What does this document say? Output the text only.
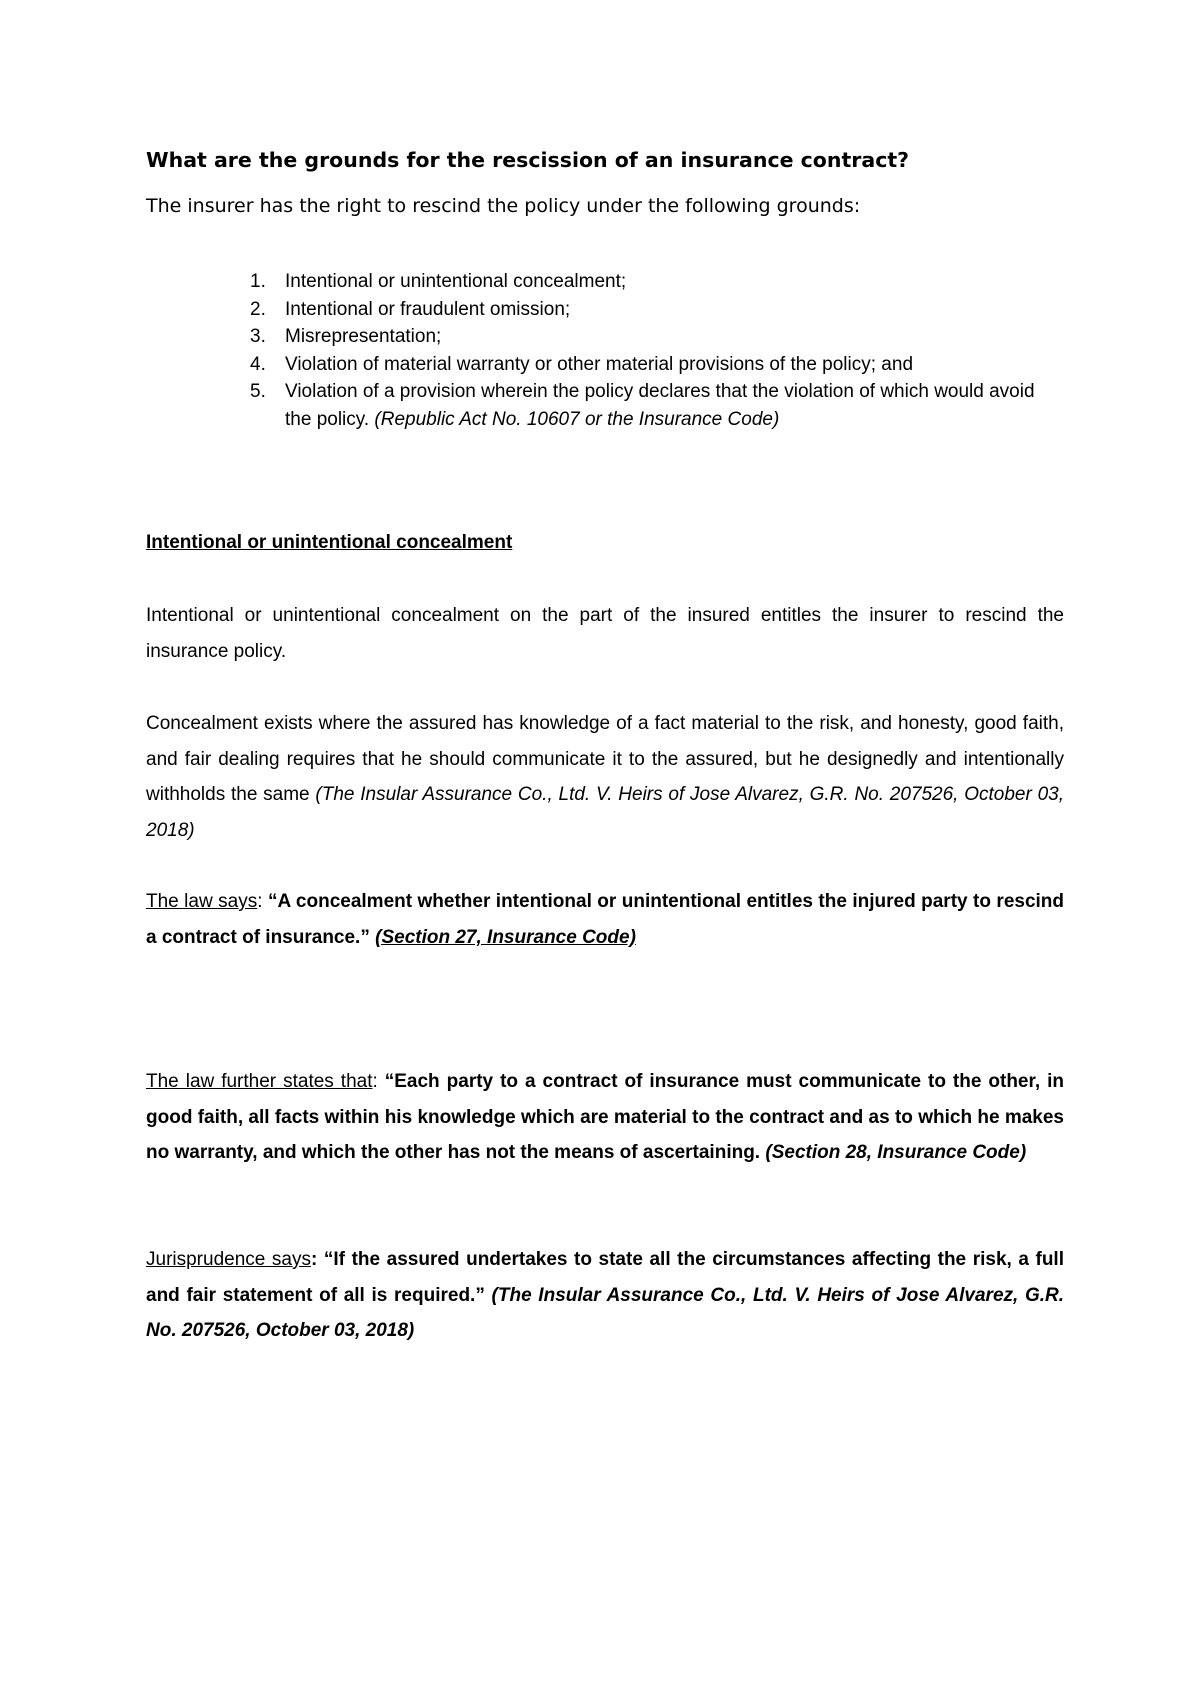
What are the grounds for the rescission of an insurance contract?

The insurer has the right to rescind the policy under the following grounds:

1. Intentional or unintentional concealment;
2. Intentional or fraudulent omission;
3. Misrepresentation;
4. Violation of material warranty or other material provisions of the policy; and
5. Violation of a provision wherein the policy declares that the violation of which would avoid the policy. (Republic Act No. 10607 or the Insurance Code)
Intentional or unintentional concealment

Intentional or unintentional concealment on the part of the insured entitles the insurer to rescind the insurance policy.

Concealment exists where the assured has knowledge of a fact material to the risk, and honesty, good faith, and fair dealing requires that he should communicate it to the assured, but he designedly and intentionally withholds the same (The Insular Assurance Co., Ltd. V. Heirs of Jose Alvarez, G.R. No. 207526, October 03, 2018)

The law says: “A concealment whether intentional or unintentional entitles the injured party to rescind a contract of insurance.” (Section 27, Insurance Code)

The law further states that: “Each party to a contract of insurance must communicate to the other, in good faith, all facts within his knowledge which are material to the contract and as to which he makes no warranty, and which the other has not the means of ascertaining. (Section 28, Insurance Code)

Jurisprudence says: “If the assured undertakes to state all the circumstances affecting the risk, a full and fair statement of all is required.” (The Insular Assurance Co., Ltd. V. Heirs of Jose Alvarez, G.R. No. 207526, October 03, 2018)
